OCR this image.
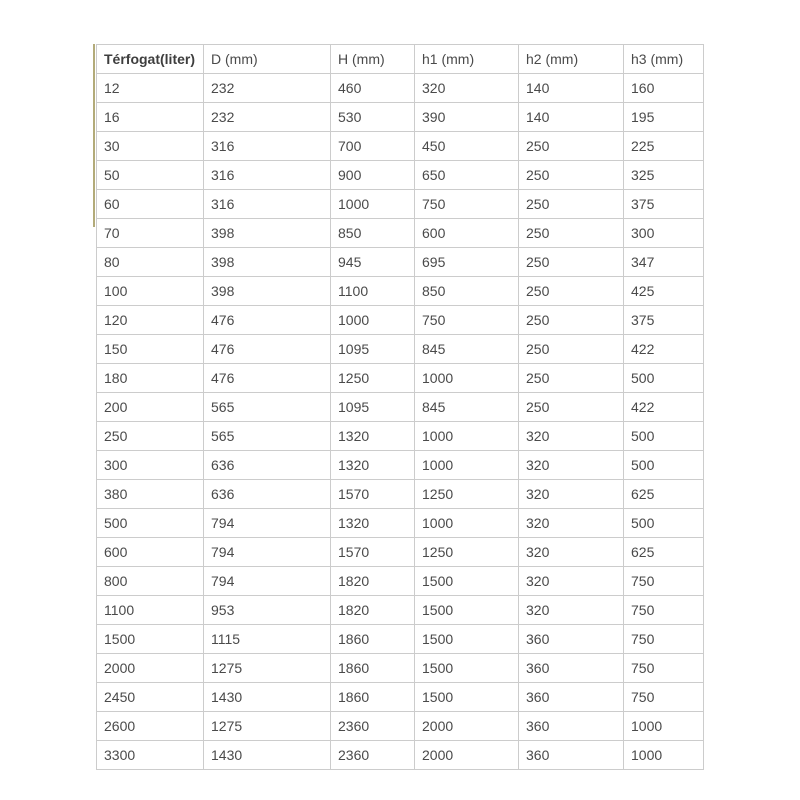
Térfogat(liter)	D (mm)	H (mm)	h1 (mm)	h2 (mm)	h3 (mm)
12	232	460	320	140	160
16	232	530	390	140	195
30	316	700	450	250	225
50	316	900	650	250	325
60	316	1000	750	250	375
70	398	850	600	250	300
80	398	945	695	250	347
100	398	1100	850	250	425
120	476	1000	750	250	375
150	476	1095	845	250	422
180	476	1250	1000	250	500
200	565	1095	845	250	422
250	565	1320	1000	320	500
300	636	1320	1000	320	500
380	636	1570	1250	320	625
500	794	1320	1000	320	500
600	794	1570	1250	320	625
800	794	1820	1500	320	750
1100	953	1820	1500	320	750
1500	1115	1860	1500	360	750
2000	1275	1860	1500	360	750
2450	1430	1860	1500	360	750
2600	1275	2360	2000	360	1000
3300	1430	2360	2000	360	1000
